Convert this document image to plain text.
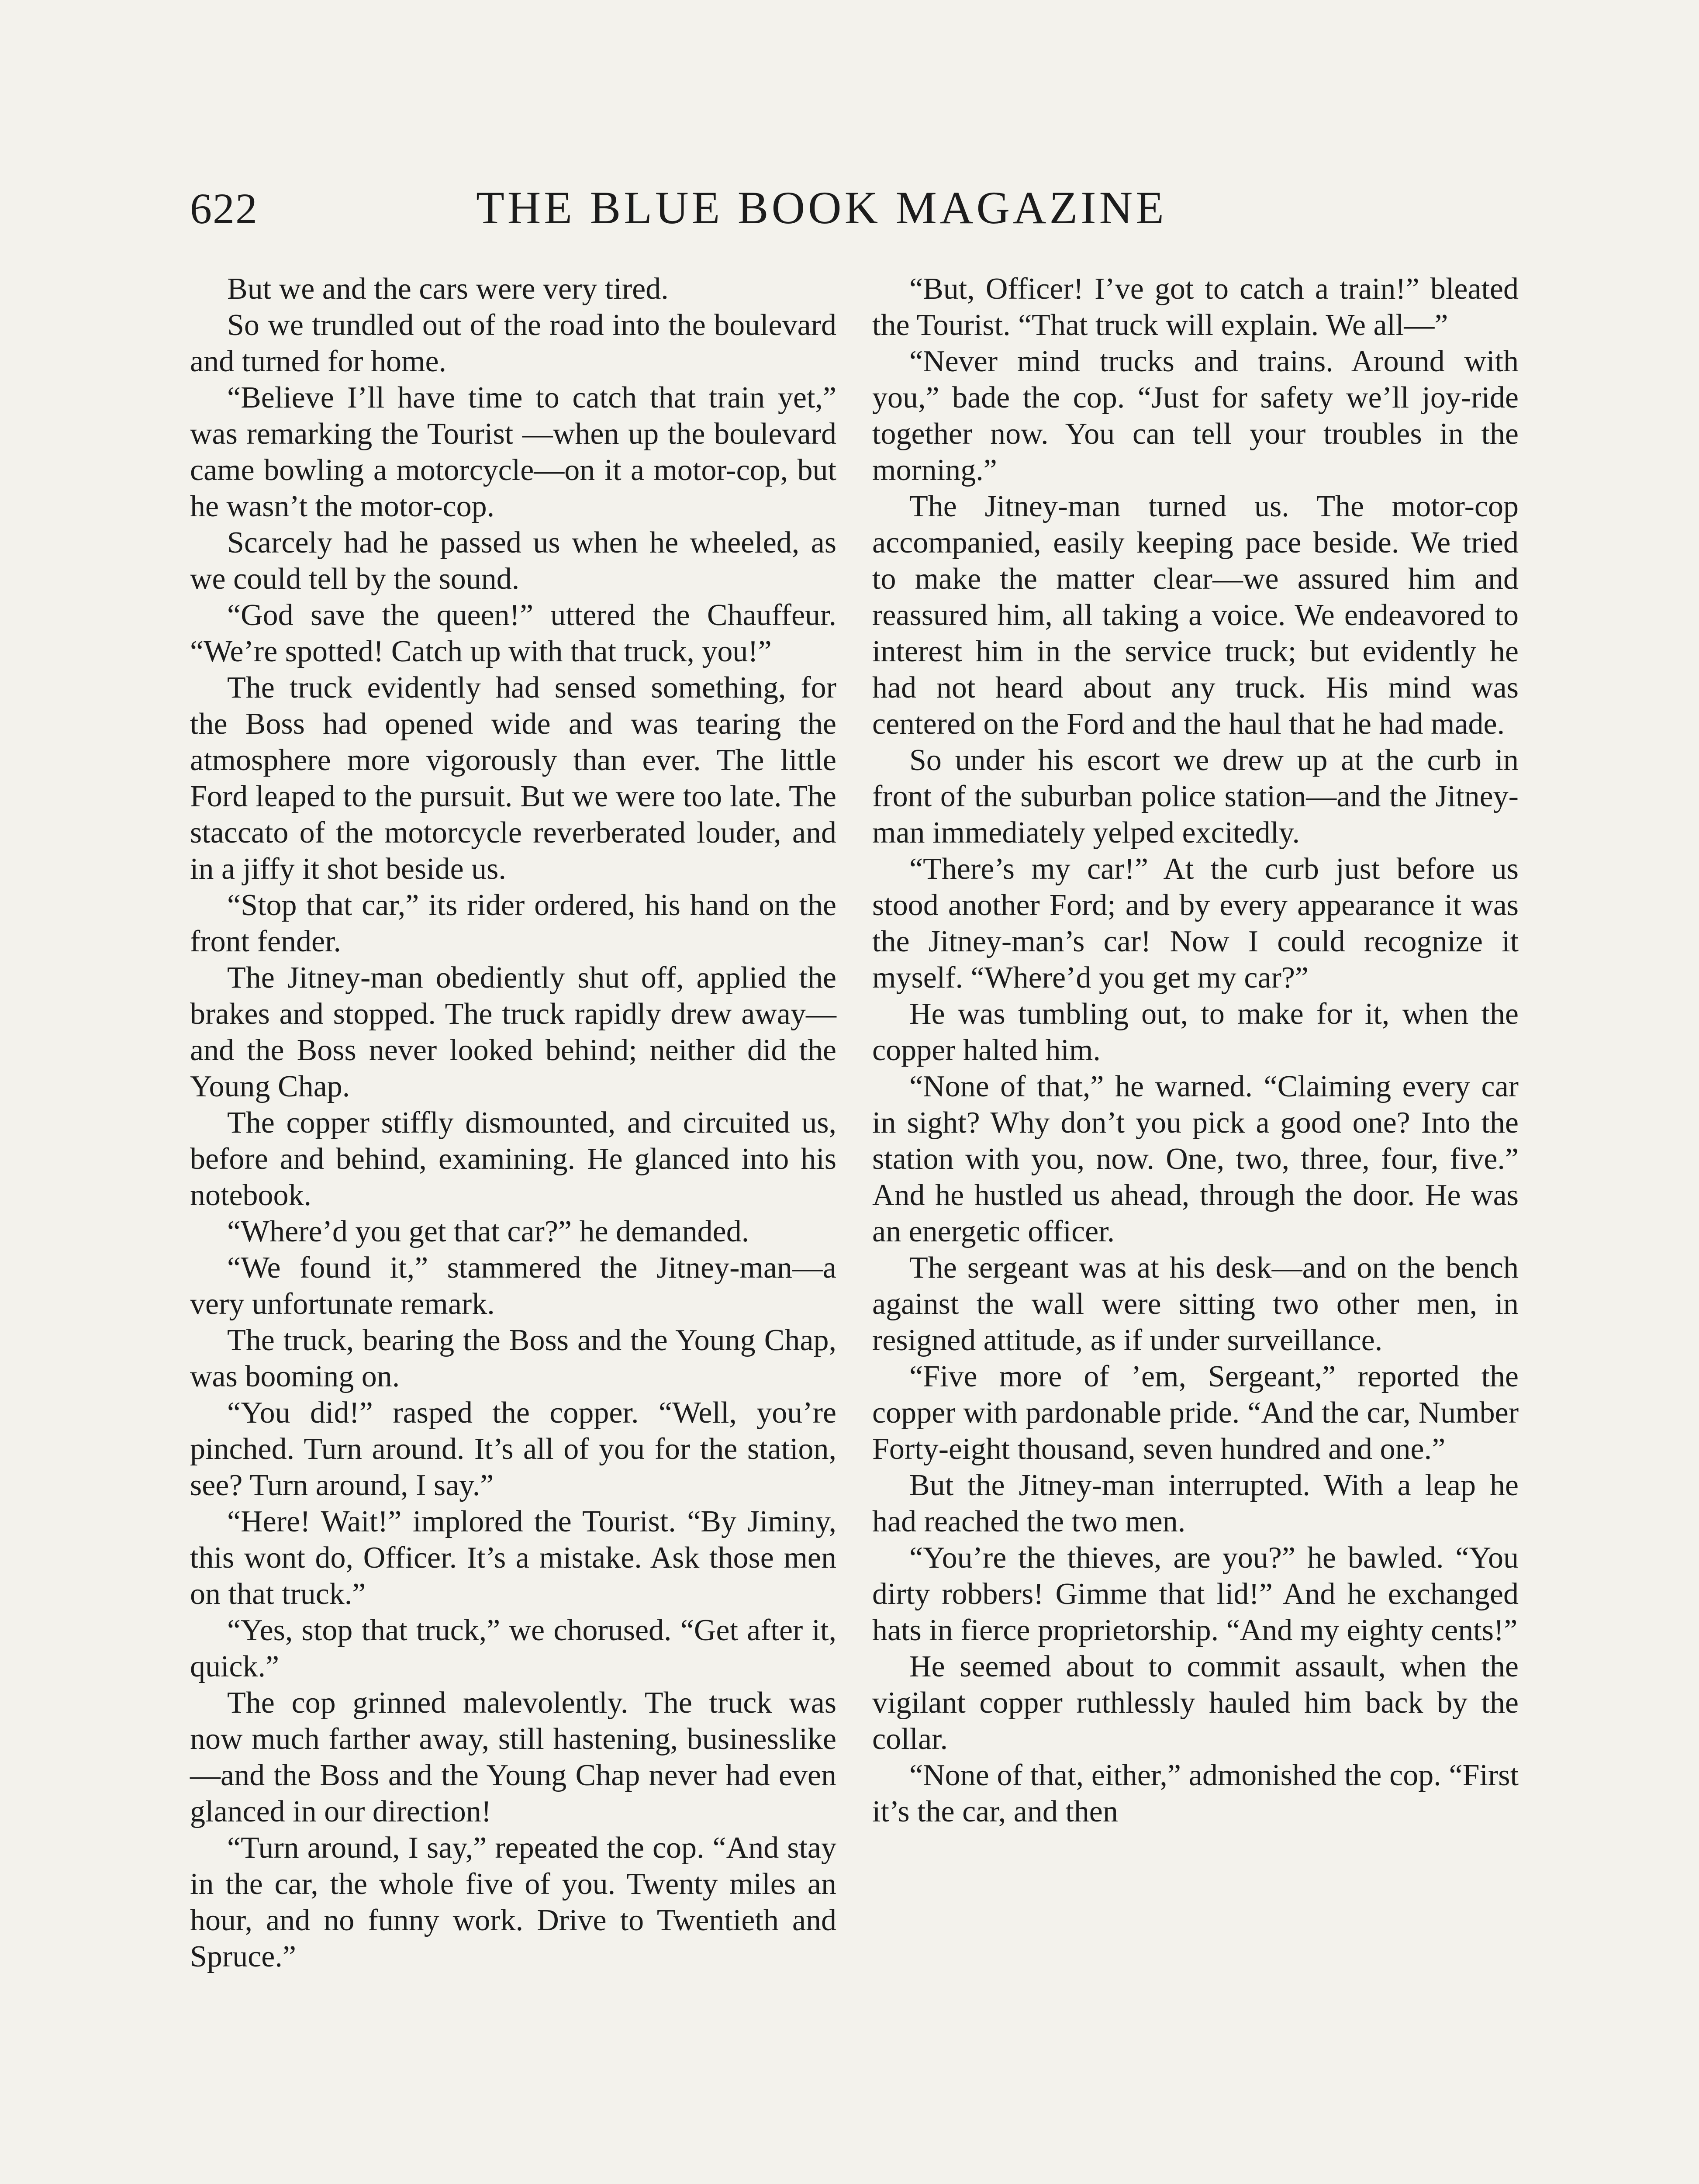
622	THE BLUE BOOK MAGAZINE

But we and the cars were very tired.

So we trundled out of the road into the boulevard and turned for home.

“Believe I’ll have time to catch that train yet,” was remarking the Tourist —when up the boulevard came bowling a motorcycle—on it a motor-cop, but he wasn’t the motor-cop.

Scarcely had he passed us when he wheeled, as we could tell by the sound.

“God save the queen!” uttered the Chauffeur. “We’re spotted! Catch up with that truck, you!”

The truck evidently had sensed something, for the Boss had opened wide and was tearing the atmosphere more vigorously than ever. The little Ford leaped to the pursuit. But we were too late. The staccato of the motorcycle reverberated louder, and in a jiffy it shot beside us.

“Stop that car,” its rider ordered, his hand on the front fender.

The Jitney-man obediently shut off, applied the brakes and stopped. The truck rapidly drew away—and the Boss never looked behind; neither did the Young Chap.

The copper stiffly dismounted, and circuited us, before and behind, examining. He glanced into his notebook.

“Where’d you get that car?” he demanded.

“We found it,” stammered the Jitney-man—a very unfortunate remark.

The truck, bearing the Boss and the Young Chap, was booming on.

“You did!” rasped the copper. “Well, you’re pinched. Turn around. It’s all of you for the station, see? Turn around, I say.”

“Here! Wait!” implored the Tourist. “By Jiminy, this wont do, Officer. It’s a mistake. Ask those men on that truck.”

“Yes, stop that truck,” we chorused. “Get after it, quick.”

The cop grinned malevolently. The truck was now much farther away, still hastening, businesslike—and the Boss and the Young Chap never had even glanced in our direction!

“Turn around, I say,” repeated the cop. “And stay in the car, the whole five of you. Twenty miles an hour, and no funny work. Drive to Twentieth and Spruce.”

“But, Officer! I’ve got to catch a train!” bleated the Tourist. “That truck will explain. We all—”

“Never mind trucks and trains. Around with you,” bade the cop. “Just for safety we’ll joy-ride together now. You can tell your troubles in the morning.”

The Jitney-man turned us. The motor-cop accompanied, easily keeping pace beside. We tried to make the matter clear—we assured him and reassured him, all taking a voice. We endeavored to interest him in the service truck; but evidently he had not heard about any truck. His mind was centered on the Ford and the haul that he had made.

So under his escort we drew up at the curb in front of the suburban police station—and the Jitney-man immediately yelped excitedly.

“There’s my car!” At the curb just before us stood another Ford; and by every appearance it was the Jitney-man’s car! Now I could recognize it myself. “Where’d you get my car?”

He was tumbling out, to make for it, when the copper halted him.

“None of that,” he warned. “Claiming every car in sight? Why don’t you pick a good one? Into the station with you, now. One, two, three, four, five.” And he hustled us ahead, through the door. He was an energetic officer.

The sergeant was at his desk—and on the bench against the wall were sitting two other men, in resigned attitude, as if under surveillance.

“Five more of ’em, Sergeant,” reported the copper with pardonable pride. “And the car, Number Forty-eight thousand, seven hundred and one.”

But the Jitney-man interrupted. With a leap he had reached the two men.

“You’re the thieves, are you?” he bawled. “You dirty robbers! Gimme that lid!” And he exchanged hats in fierce proprietorship. “And my eighty cents!”

He seemed about to commit assault, when the vigilant copper ruthlessly hauled him back by the collar.

“None of that, either,” admonished the cop. “First it’s the car, and then
